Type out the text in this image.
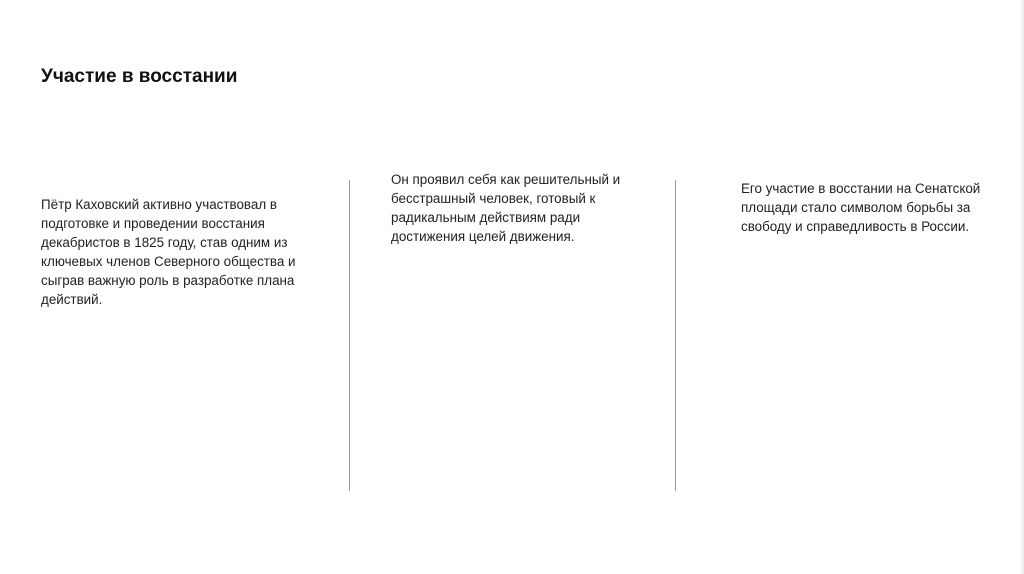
Участие в восстании

Пётр Каховский активно участвовал в подготовке и проведении восстания декабристов в 1825 году, став одним из ключевых членов Северного общества и сыграв важную роль в разработке плана действий.

Он проявил себя как решительный и бесстрашный человек, готовый к радикальным действиям ради достижения целей движения.

Его участие в восстании на Сенатской площади стало символом борьбы за свободу и справедливость в России.
